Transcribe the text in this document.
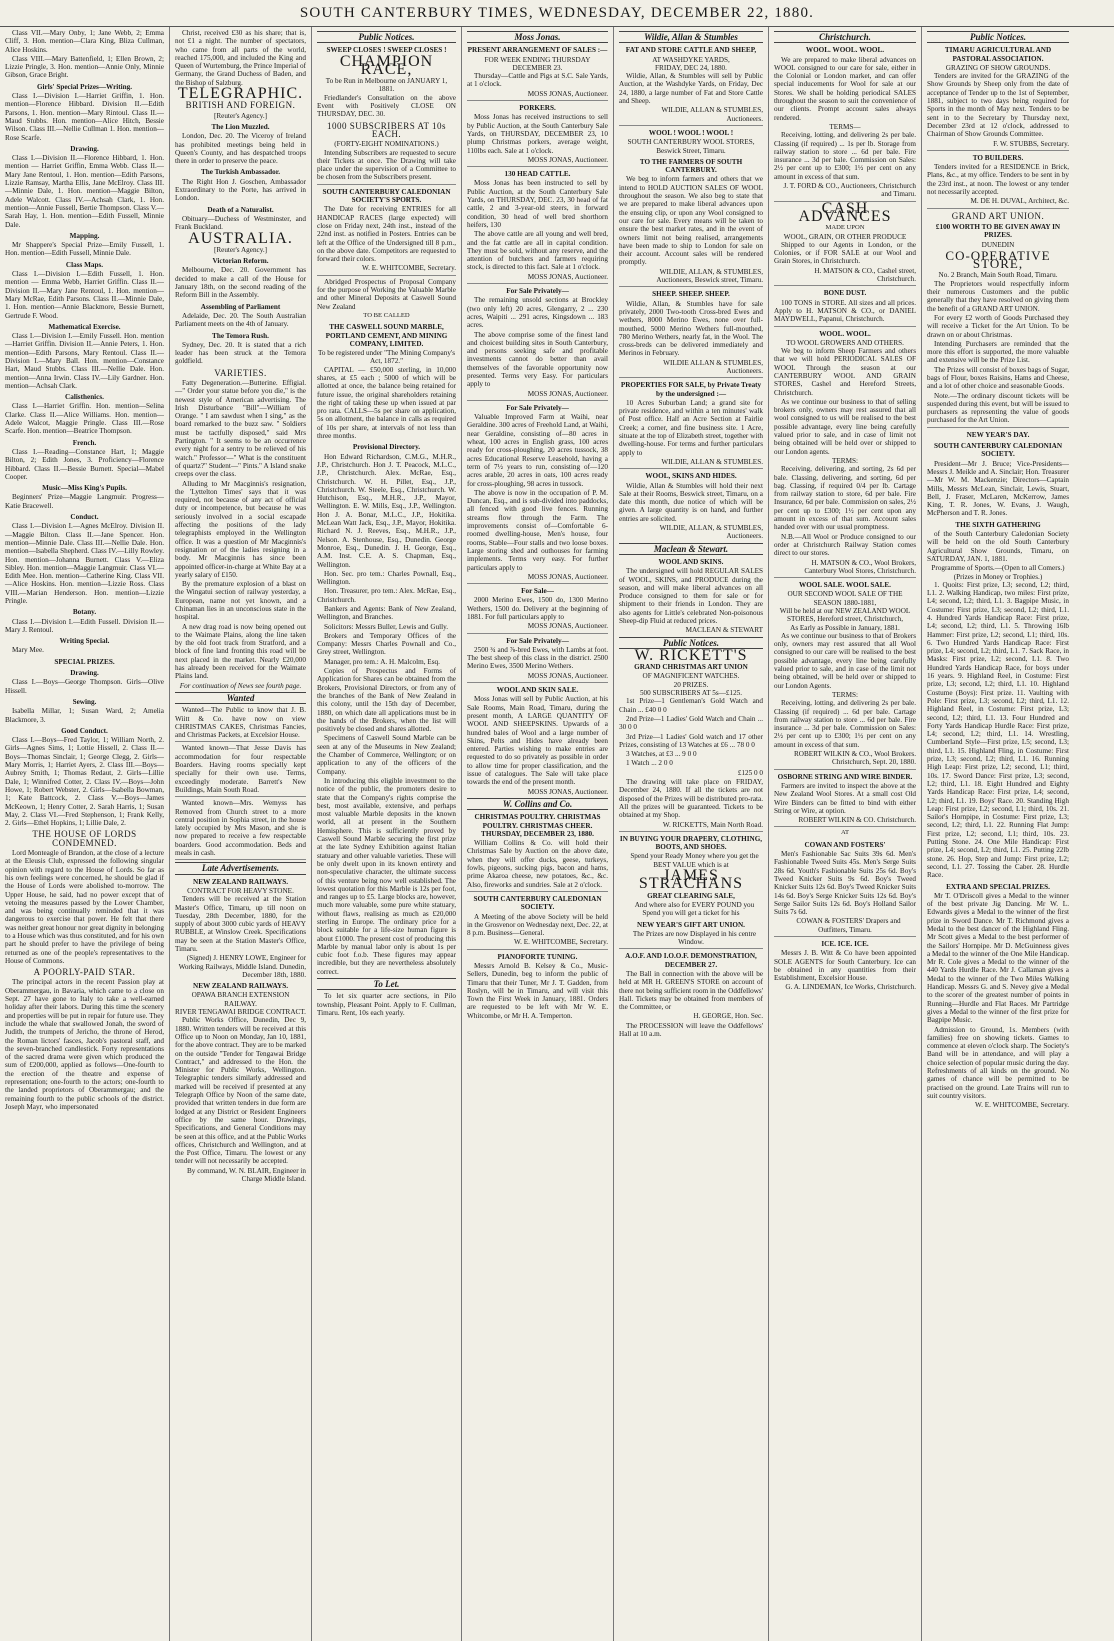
SOUTH CANTERBURY TIMES, WEDNESDAY, DECEMBER 22, 1880.

Class VII.—Mary Onby, 1; Jane Webb, 2; Emma Cliff, 3. Hon. mention—Clara King, Bliza Cullman, Alice Hoskins.

Class VIII.—Mary Battenfield, 1; Ellen Brown, 2; Lizzie Pringle, 3. Hon. mention—Annie Only, Minnie Gibson, Grace Bright.

Girls' Special Prizes—Writing.

Class I.—Division I.—Harriet Griffin, 1. Hon. mention—Florence Hibbard. Division II.—Edith Parsons, 1. Hon. mention—Mary Rintoul. Class II.—Maud Stubbs. Hon. mention—Alice Hitch, Bessie Wilson. Class III.—Nellie Cullman 1. Hon. mention—Rose Scarfe.

Drawing.

Class I.—Division II.—Florence Hibbard, 1. Hon. mention — Harriet Griffin, Emma Webb. Class II.—Mary Jane Rentoul, 1. Hon. mention—Edith Parsons, Lizzie Ramsay, Martha Ellis, Jane McElroy. Class III.—Minnie Dale, 1. Hon. mention—Maggie Bilton, Adele Walcott. Class IV.—Achsah Clark, 1. Hon. mention—Annie Fussell, Bertie Thompson. Class V.—Sarah Hay, 1. Hon. mention—Edith Fussell, Minnie Dale.

Mapping.

Mr Shappere's Special Prize—Emily Fussell, 1. Hon. mention—Edith Fussell, Minnie Dale.

Class Maps.

Class I.—Division I.—Edith Fussell, 1. Hon. mention — Emma Webb, Harriet Griffin. Class II.—Division II.—Mary Jane Rentoul, 1. Hon. mention—Mary McRae, Edith Parsons. Class II.—Minnie Dale, 1. Hon. mention—Annie Blackmore, Bessie Burnett, Gertrude F. Wood.

Mathematical Exercise.

Class I.—Division I.—Emily Fussell. Hon. mention—Harriet Griffin. Division II.—Annie Peters, 1. Hon. mention—Edith Parsons, Mary Rentoul. Class II.—Division I.—Mary Ball. Hon. mention—Constance Hart, Maud Stubbs. Class III.—Nellie Dale. Hon. mention—Anna Irwin. Class IV.—Lily Gardner. Hon. mention—Achsah Clark.

Calisthenics.

Class I.—Harriet Griffin. Hon. mention—Selina Clarke. Class II.—Alice Williams. Hon. mention—Adele Walcot, Maggie Pringle. Class III.—Rose Scarfe. Hon. mention—Beatrice Thompson.

French.

Class I.—Reading—Constance Hart, 1; Maggie Bilton, 2; Edith Jones, 3. Proficiency—Florence Hibbard. Class II.—Bessie Burnett. Special—Mabel Cooper.

Music—Miss King's Pupils.

Beginners' Prize—Maggie Langmuir. Progress—Katie Bracewell.

Conduct.

Class I.—Division I.—Agnes McElroy. Division II.—Maggie Bilton. Class II.—Jane Spencer. Hon. mention—Minnie Dale. Class III.—Nellie Dale. Hon. mention—Isabella Shepherd. Class IV.—Lilly Rowley. Hon. mention—Johanna Burnett. Class V.—Eliza Sibley. Hon. mention—Maggie Langmuir. Class VI.—Edith Mee. Hon. mention—Catherine King. Class VII.—Alice Hoskins. Hon. mention—Lizzie Ross. Class VIII.—Marian Henderson. Hon. mention—Lizzie Pringle.

Botany.

Class I.—Division I.—Edith Fussell. Division II.—Mary J. Rentoul.

Writing Special.

Mary Mee.

SPECIAL PRIZES.
Drawing.

Class I.—Boys—George Thompson. Girls—Olive Hissell.

Sewing.

Isabella Millar, 1; Susan Ward, 2; Amelia Blackmore, 3.

Good Conduct.

Class I.—Boys—Fred Taylor, 1; William North, 2. Girls—Agnes Sims, 1; Lottie Hissell, 2. Class II.—Boys—Thomas Sinclair, 1; George Clegg, 2. Girls—Mary Morris, 1; Harriet Ayers, 2. Class III.—Boys—Aubrey Smith, 1; Thomas Redaut, 2. Girls—Lillie Dale, 1; Winnifred Cotter, 2. Class IV.—Boys—John Howe, 1; Robert Webster, 2. Girls—Isabella Bowman, 1; Kate Battcock, 2. Class V.—Boys—James McKeown, 1; Henry Cotter, 2. Sarah Harris, 1; Susan May, 2. Class VI.—Fred Stephenson, 1; Frank Kelly, 2. Girls—Ethel Hopkins, 1; Lillie Dale, 2.

THE HOUSE OF LORDS CONDEMNED.

Lord Monteagle of Brandon, at the close of a lecture at the Eleusis Club, expressed the following singular opinion with regard to the House of Lords. So far as his own feelings were concerned, he should be glad if the House of Lords were abolished to-morrow. The Upper House, he said, had no power except that of vetoing the measures passed by the Lower Chamber, and was being continually reminded that it was dangerous to exercise that power. He felt that there was neither great honour nor great dignity in belonging to a House which was thus constituted, and for his own part he should prefer to have the privilege of being returned as one of the people's representatives to the House of Commons.

A POORLY-PAID STAR.

The principal actors in the recent Passion play at Oberammergau, in Bavaria, which came to a close on Sept. 27 have gone to Italy to take a well-earned holiday after their labors. During this time the scenery and properties will be put in repair for future use. They include the whale that swallowed Jonah, the sword of Judith, the trumpets of Jericho, the throne of Herod, the Roman lictors' fasces, Jacob's pastoral staff, and the seven-branched candlestick. Forty representations of the sacred drama were given which produced the sum of £200,000, applied as follows—One-fourth to the erection of the theatre and expense of representation; one-fourth to the actors; one-fourth to the landed proprietors of Oberammergau; and the remaining fourth to the public schools of the district. Joseph Mayr, who impersonated

Christ, received £30 as his share; that is, not £1 a night. The number of spectators, who came from all parts of the world, reached 175,000, and included the King and Queen of Wurtemburg, the Prince Imperial of Germany, the Grand Duchess of Baden, and the Bishop of Salzburg.

TELEGRAPHIC.
BRITISH AND FOREIGN.
[Reuter's Agency.]
The Lion Muzzled.

London, Dec. 20. The Viceroy of Ireland has prohibited meetings being held in Queen's County, and has despatched troops there in order to preserve the peace.

The Turkish Ambassador.

The Right Hon J. Goschen, Ambassador Extraordinary to the Porte, has arrived in London.

Death of a Naturalist.

Obituary—Duchess of Westminster, and Frank Buckland.

AUSTRALIA.
[Reuter's Agency.]
Victorian Reform.

Melbourne, Dec. 20. Government has decided to make a call of the House for January 18th, on the second reading of the Reform Bill in the Assembly.

Assembling of Parliament

Adelaide, Dec. 20. The South Australian Parliament meets on the 4th of January.

The Temora Rush.

Sydney, Dec. 20. It is stated that a rich leader has been struck at the Temora goldfield.

VARIETIES.

Fatty Degeneration.—Butterine. Effigial.—" Order your statue before you die," is the newest style of American advertising. The Irish Disturbance "Bill"—William of Orange. " I am sawdust when I sing," as the board remarked to the buzz saw. " Soldiers must be tactfully disposed," said Mrs Partington. " It seems to be an occurrence every night for a sentry to be relieved of his watch." Professor—" What is the constituent of quartz?" Student—" Pints." A Island snake creeps over the class.

Alluding to Mr Macginnis's resignation, the 'Lyttelton Times' says that it was required, not because of any act of official duty or incompetence, but because he was seriously involved in a social escapade affecting the positions of the lady telegraphists employed in the Wellington office. It was a question of Mr Macginnis's resignation or of the ladies resigning in a body. Mr Macginnis has since been appointed officer-in-charge at White Bay at a yearly salary of £150.

By the premature explosion of a blast on the Wingatui section of railway yesterday, a European, name not yet known, and a Chinaman lies in an unconscious state in the hospital.

A new drag road is now being opened out to the Waimate Plains, along the line taken by the old foot track from Stratford, and a block of fine land fronting this road will be next placed in the market. Nearly £20,000 has already been received for the Waimate Plains land.

For continuation of News see fourth page.
Wanted

Wanted—The Public to know that J. B. Wiitt & Co. have now on view CHRISTMAS CAKES, Christmas Fancies, and Christmas Packets, at Excelsior House.

Wanted known—That Jesse Davis has accommodation for four respectable Boarders. Having rooms specially kept specially for their own use. Terms, exceedingly moderate. Barrett's New Buildings, Main South Road.

Wanted known—Mrs. Wemyss has Removed from Church street to a more central position in Sophia street, in the house lately occupied by Mrs Mason, and she is now prepared to receive a few respectable boarders. Good accommodation. Beds and meals in cash.

Late Advertisements.
NEW ZEALAND RAILWAYS.
CONTRACT FOR HEAVY STONE.

Tenders will be received at the Station Master's Office, Timaru, up till noon on Tuesday, 28th December, 1880, for the supply of about 3000 cubic yards of HEAVY RUBBLE, at Winslow Creek. Specifications may be seen at the Station Master's Office, Timaru.

(Signed) J. HENRY LOWE, Engineer for Working Railways, Middle Island. Dunedin, December 18th, 1880.

NEW ZEALAND RAILWAYS.
OPAWA BRANCH EXTENSION RAILWAY.
RIVER TENGAWAI BRIDGE CONTRACT.

Public Works Office, Dunedin, Dec 9, 1880. Written tenders will be received at this Office up to Noon on Monday, Jan 10, 1881, for the above contract. They are to be marked on the outside "Tender for Tengawai Bridge Contract," and addressed to the Hon. the Minister for Public Works, Wellington. Telegraphic tenders similarly addressed and marked will be received if presented at any Telegraph Office by Noon of the same date, provided that written tenders in due form are lodged at any District or Resident Engineers office by the same hour. Drawings, Specifications, and General Conditions may be seen at this office, and at the Public Works offices, Christchurch and Wellington, and at the Post Office, Timaru. The lowest or any tender will not necessarily be accepted.

By command, W. N. BLAIR, Engineer in Charge Middle Island.

Public Notices.
SWEEP CLOSES ! SWEEP CLOSES !
CHAMPION RACE,
To be Run in Melbourne on JANUARY 1, 1881.

Friedlander's Consultation on the above Event with Positively CLOSE ON THURSDAY, DEC. 30.

1000 SUBSCRIBERS AT 10s EACH.
(FORTY-EIGHT NOMINATIONS.)

Intending Subscribers are requested to secure their Tickets at once. The Drawing will take place under the supervision of a Committee to be chosen from the Subscribers present.

SOUTH CANTERBURY CALEDONIAN SOCIETY'S SPORTS.

The Date for receiving ENTRIES for all HANDICAP RACES (large expected) will close on Friday next, 24th inst., instead of the 22nd inst. as notified in Posters. Entries can be left at the Office of the Undersigned till 8 p.m., on the above date. Competitors are requested to forward their colors.

W. E. WHITCOMBE, Secretary.

Abridged Prospectus of Proposal Company for the purpose of Working the Valuable Marble and other Mineral Deposits at Caswell Sound New Zealand

TO BE CALLED
THE CASWELL SOUND MARBLE, PORTLAND CEMENT, AND MINING COMPANY, LIMITED.
To be registered under "The Mining Company's Act, 1872."

CAPITAL — £50,000 sterling, in 10,000 shares, at £5 each ; 5000 of which will be allotted at once, the balance being retained for future issue, the original shareholders retaining the right of taking these up when issued at par pro rata. CALLS—5s per share on application, 5s on allotment, the balance in calls as required of 10s per share, at intervals of not less than three months.

Provisional Directory.

Hon Edward Richardson, C.M.G., M.H.R., J.P., Christchurch. Hon J. T. Peacock, M.L.C., J.P., Christchurch. Alex. McRae, Esq., Christchurch. W. H. Pillet, Esq., J.P., Christchurch. W. Steele, Esq., Christchurch. W. Hutchison, Esq., M.H.R., J.P., Mayor, Wellington. E. W. Mills, Esq., J.P., Wellington. Hon J. A. Bonar, M.L.C., J.P., Hokitika. McLean Watt Jack, Esq., J.P., Mayor, Hokitika. Richard N. J. Reeves, Esq., M.H.R., J.P., Nelson. A. Stenhouse, Esq., Dunedin. George Monroe, Esq., Dunedin. J. H. George, Esq., A.M. Inst. C.E. A. S. Chapman, Esq., Wellington.

Hon. Sec. pro tem.: Charles Pownall, Esq., Wellington.

Hon. Treasurer, pro tem.: Alex. McRae, Esq., Christchurch.

Bankers and Agents: Bank of New Zealand, Wellington, and Branches.

Solicitors: Messrs Buller, Lewis and Gully.

Brokers and Temporary Offices of the Company: Messrs Charles Pownall and Co., Grey street, Wellington.

Manager, pro tem.: A. H. Malcolm, Esq.

Copies of Prospectus and Forms of Application for Shares can be obtained from the Brokers, Provisional Directors, or from any of the branches of the Bank of New Zealand in this colony, until the 15th day of December, 1880, on which date all applications must be in the hands of the Brokers, when the list will positively be closed and shares allotted.

Specimens of Caswell Sound Marble can be seen at any of the Museums in New Zealand; the Chamber of Commerce, Wellington; or on application to any of the officers of the Company.

In introducing this eligible investment to the notice of the public, the promoters desire to state that the Company's rights comprise the best, most available, extensive, and perhaps most valuable Marble deposits in the known world, all at present in the Southern Hemisphere. This is sufficiently proved by Caswell Sound Marble securing the first prize at the late Sydney Exhibition against Italian statuary and other valuable varieties. These will be only dwelt upon in its known entirety and non-speculative character, the ultimate success of this venture being now well established. The lowest quotation for this Marble is 12s per foot, and ranges up to £5. Large blocks are, however, much more valuable, some pure white statuary, without flaws, realising as much as £20,000 sterling in Europe. The ordinary price for a block suitable for a life-size human figure is about £1000. The present cost of producing this Marble by manual labor only is about 1s per cubic foot f.o.b. These figures may appear incredible, but they are nevertheless absolutely correct.

To Let.

To let six quarter acre sections, in Pilo township, Pleasant Point. Apply to F. Cullman, Timaru. Rent, 10s each yearly.

Moss Jonas.
PRESENT ARRANGEMENT OF SALES :—
FOR WEEK ENDING THURSDAY DECEMBER 23.

Thursday—Cattle and Pigs at S.C. Sale Yards, at 1 o'clock.

MOSS JONAS, Auctioneer.

PORKERS.

Moss Jonas has received instructions to sell by Public Auction, at the South Canterbury Sale Yards, on THURSDAY, DECEMBER 23, 10 plump Christmas porkers, average weight, 110lbs each. Sale at 1 o'clock.

MOSS JONAS, Auctioneer.

130 HEAD CATTLE.

Moss Jonas has been instructed to sell by Public Auction, at the South Canterbury Sale Yards, on THURSDAY, DEC. 23, 30 head of fat cattle, 2 and 3-year-old steers, in forward condition, 30 head of well bred shorthorn heifers, 130

The above cattle are all young and well bred, and the fat cattle are all in capital condition. They must be sold, without any reserve, and the attention of butchers and farmers requiring stock, is directed to this fact. Sale at 1 o'clock.

MOSS JONAS, Auctioneer.

For Sale Privately—

The remaining unsold sections at Brockley (two only left) 20 acres, Glengarry, 2 ... 230 acres, Waipiti ... 291 acres, Kingsdown ... 183 acres.

The above comprise some of the finest land and choicest building sites in South Canterbury, and persons seeking safe and profitable investments cannot do better than avail themselves of the favorable opportunity now presented. Terms very Easy. For particulars apply to

MOSS JONAS, Auctioneer.

For Sale Privately—

Valuable Improved Farm at Waihi, near Geraldine. 300 acres of Freehold Land, at Waihi, near Geraldine, consisting of—80 acres in wheat, 100 acres in English grass, 100 acres ready for cross-ploughing, 20 acres tussock, 38 acres Educational Reserve Leasehold, having a term of 7½ years to run, consisting of—120 acres arable, 20 acres in oats, 100 acres ready for cross-ploughing, 98 acres in tussock.

The above is now in the occupation of P. M. Duncan, Esq., and is sub-divided into paddocks, all fenced with good live fences. Running streams flow through the Farm. The improvements consist of—Comfortable 6-roomed dwelling-house, Men's house, four rooms, Stable—Four stalls and two loose boxes. Large storing shed and outhouses for farming implements. Terms very easy. For further particulars apply to

MOSS JONAS, Auctioneer.

For Sale—

2000 Merino Ewes, 1500 do, 1300 Merino Wethers, 1500 do. Delivery at the beginning of 1881. For full particulars apply to

MOSS JONAS, Auctioneer.

For Sale Privately—

2500 ¾ and ⅞-bred Ewes, with Lambs at foot. The best sheep of this class in the district. 2500 Merino Ewes, 3500 Merino Wethers.

MOSS JONAS, Auctioneer.

WOOL AND SKIN SALE.

Moss Jonas will sell by Public Auction, at his Sale Rooms, Main Road, Timaru, during the present month, A LARGE QUANTITY OF WOOL AND SHEEPSKINS. Upwards of a hundred bales of Wool and a large number of Skins, Pelts and Hides have already been entered. Parties wishing to make entries are requested to do so privately as possible in order to allow time for proper classification, and the issue of catalogues. The Sale will take place towards the end of the present month.

MOSS JONAS, Auctioneer.

W. Collins and Co.
CHRISTMAS POULTRY. CHRISTMAS POULTRY. CHRISTMAS CHEER. THURSDAY, DECEMBER 23, 1880.

William Collins & Co. will hold their Christmas Sale by Auction on the above date, when they will offer ducks, geese, turkeys, fowls, pigeons, sucking pigs, bacon and hams, prime Akaroa cheese, new potatoes, &c., &c. Also, fireworks and sundries. Sale at 2 o'clock.

SOUTH CANTERBURY CALEDONIAN SOCIETY.

A Meeting of the above Society will be held in the Grosvenor on Wednesday next, Dec. 22, at 8 p.m. Business—General.

W. E. WHITCOMBE, Secretary.

PIANOFORTE TUNING.

Messrs Arnold B. Kelsey & Co., Music-Sellers, Dunedin, beg to inform the public of Timaru that their Tuner, Mr J. T. Gadden, from Roslyn, will be in Timaru, and will visit this Town the First Week in January, 1881. Orders are requested to be left with Mr W. E. Whitcombe, or Mr H. A. Temperton.

Wildie, Allan & Stumbles
FAT AND STORE CATTLE AND SHEEP,
AT WASHDYKE YARDS,
FRIDAY, DEC 24, 1880.

Wildie, Allan, & Stumbles will sell by Public Auction, at the Washdyke Yards, on Friday, Dec 24, 1880, a large number of Fat and Store Cattle and Sheep.

WILDIE, ALLAN & STUMBLES, Auctioneers.

WOOL ! WOOL ! WOOL !
SOUTH CANTERBURY WOOL STORES, Beswick Street, Timaru.
TO THE FARMERS OF SOUTH CANTERBURY.

We beg to inform farmers and others that we intend to HOLD AUCTION SALES OF WOOL throughout the season. We also beg to state that we are prepared to make liberal advances upon the ensuing clip, or upon any Wool consigned to our care for sale. Every means will be taken to ensure the best market rates, and in the event of owners limit not being realised, arrangements have been made to ship to London for sale on their account. Account sales will be rendered promptly.

WILDIE, ALLAN, & STUMBLES, Auctioneers, Beswick street, Timaru.

SHEEP. SHEEP. SHEEP.

Wildie, Allan, & Stumbles have for sale privately, 2000 Two-tooth Cross-bred Ewes and wethers, 8000 Merino Ewes, none over full-mouthed, 5000 Merino Wethers full-mouthed, 780 Merino Wethers, nearly fat, in the Wool. The cross-breds can be delivered immediately and Merinos in February.

WILDIE ALLAN & STUMBLES, Auctioneers.

PROPERTIES FOR SALE, by Private Treaty by the undersigned :—

10 Acres Suburban Land; a grand site for private residence, and within a ten minutes' walk of Post office. Half an Acre Section at Fairlie Creek; a corner, and fine business site. 1 Acre, situate at the top of Elizabeth street, together with dwelling-house. For terms and further particulars apply to

WILDIE, ALLAN & STUMBLES.

WOOL, SKINS AND HIDES.

Wildie, Allan & Stumbles will hold their next Sale at their Rooms, Beswick street, Timaru, on a date this month, due notice of which will be given. A large quantity is on hand, and further entries are solicited.

WILDIE, ALLAN, & STUMBLES, Auctioneers.

Maclean & Stewart.
WOOL AND SKINS.

The undersigned will hold REGULAR SALES of WOOL, SKINS, and PRODUCE during the season, and will make liberal advances on all Produce consigned to them for sale or for shipment to their friends in London. They are also agents for Little's celebrated Non-poisonous Sheep-dip Fluid at reduced prices.

MACLEAN & STEWART

Public Notices.
W. RICKETT'S
GRAND CHRISTMAS ART UNION
OF MAGNIFICENT WATCHES.
20 PRIZES.
500 SUBSCRIBERS AT 5s—£125.

1st Prize—1 Gentleman's Gold Watch and Chain ... £40 0 0

2nd Prize—1 Ladies' Gold Watch and Chain ... 30 0 0

3rd Prize—1 Ladies' Gold watch and 17 other Prizes, consisting of 13 Watches at £6 ... 78 0 0

3 Watches, at £3 ... 9 0 0

1 Watch ... 2 0 0

£125 0 0

The drawing will take place on FRIDAY, December 24, 1880. If all the tickets are not disposed of the Prizes will be distributed pro-rata. All the prizes will be guaranteed. Tickets to be obtained at my Shop.

W. RICKETTS, Main North Road.

IN BUYING YOUR DRAPERY, CLOTHING, BOOTS, AND SHOES.

Spend your Ready Money where you get the BEST VALUE which is at

JAMES STRACHANS
GREAT CLEARING SALE,

And where also for EVERY POUND you Spend you will get a ticket for his

NEW YEAR'S GIFT ART UNION.

The Prizes are now Displayed in his centre Window.

A.O.F. AND I.O.O.F. DEMONSTRATION, DECEMBER 27.

The Ball in connection with the above will be held at MR H. GREEN'S STORE on account of there not being sufficient room in the Oddfellows' Hall. Tickets may be obtained from members of the Committee, or

H. GEORGE, Hon. Sec.

The PROCESSION will leave the Oddfellows' Hall at 10 a.m.

Christchurch.
WOOL. WOOL. WOOL.

We are prepared to make liberal advances on WOOL consigned to our care for sale, either in the Colonial or London market, and can offer special inducements for Wool for sale at our Stores. We shall be holding periodical SALES throughout the season to suit the convenience of our clients. Prompt account sales always rendered.

TERMS—

Receiving, lotting, and delivering 2s per bale. Classing (if required) ... 1s per lb. Storage from railway station to store ... 6d per bale. Fire insurance ... 3d per bale. Commission on Sales: 2½ per cent up to £300; 1½ per cent on any amount in excess of that sum.

J. T. FORD & CO., Auctioneers, Christchurch and Timaru.

CASH ADVANCES
MADE UPON
WOOL, GRAIN, OR OTHER PRODUCE

Shipped to our Agents in London, or the Colonies, or if FOR SALE at our Wool and Grain Stores, in Christchurch.

H. MATSON & CO., Cashel street, Christchurch.

BONE DUST.

100 TONS in STORE. All sizes and all prices. Apply to H. MATSON & CO., or DANIEL MAYDWELL, Papanui, Christchurch.

WOOL. WOOL.
TO WOOL GROWERS AND OTHERS.

We beg to inform Sheep Farmers and others that we will hold PERIODICAL SALES OF WOOL Through the season at our CANTERBURY WOOL AND GRAIN STORES, Cashel and Hereford Streets, Christchurch.

As we continue our business to that of selling brokers only, owners may rest assured that all wool consigned to us will be realised to the best possible advantage, every line being carefully valued prior to sale, and in case of limit not being obtained will be held over or shipped to our London agents.

TERMS:

Receiving, delivering, and sorting, 2s 6d per bale. Classing, delivering, and sorting, 6d per bag. Classing, if required 0/4 per lb. Cartage from railway station to store, 6d per bale. Fire Insurance, 6d per bale. Commission on sales, 2½ per cent up to £300; 1½ per cent upon any amount in excess of that sum. Account sales handed over with our usual promptness.

N.B.—All Wool or Produce consigned to our order at Christchurch Railway Station comes direct to our stores.

H. MATSON & CO., Wool Brokers, Canterbury Wool Stores, Christchurch.

WOOL SALE. WOOL SALE.
OUR SECOND WOOL SALE OF THE SEASON 1880-1881,
Will be held at our NEW ZEALAND WOOL STORES, Hereford street, Christchurch,
As Early as Possible in January, 1881.

As we continue our business to that of Brokers only, owners may rest assured that all Wool consigned to our care will be realised to the best possible advantage, every line being carefully valued prior to sale, and in case of the limit not being obtained, will be held over or shipped to our London Agents.

TERMS:

Receiving, lotting, and delivering 2s per bale. Classing (if required) ... 6d per bale. Cartage from railway station to store ... 6d per bale. Fire insurance ... 3d per bale. Commission on Sales: 2½ per cent up to £300; 1½ per cent on any amount in excess of that sum.

ROBERT WILKIN & CO., Wool Brokers. Christchurch, Sept. 20, 1880.

OSBORNE STRING AND WIRE BINDER.

Farmers are invited to inspect the above at the New Zealand Wool Stores. At a small cost Old Wire Binders can be fitted to bind with either String or Wire, at option.

ROBERT WILKIN & CO. Christchurch.

AT
COWAN AND FOSTERS'

Men's Fashionable Sac Suits 39s 6d. Men's Fashionable Tweed Suits 45s. Men's Serge Suits 28s 6d. Youth's Fashionable Suits 25s 6d. Boy's Tweed Knicker Suits 9s 6d. Boy's Tweed Knicker Suits 12s 6d. Boy's Tweed Knicker Suits 14s 6d. Boy's Serge Knicker Suits 12s 6d. Boy's Serge Sailor Suits 12s 6d. Boy's Holland Sailor Suits 7s 6d.

COWAN & FOSTERS' Drapers and Outfitters, Timaru.

ICE. ICE. ICE.

Messrs J. B. Witt & Co have been appointed SOLE AGENTS for South Canterbury. Ice can be obtained in any quantities from their Establishment, Excelsior House.

G. A. LINDEMAN, Ice Works, Christchurch.

Public Notices.
TIMARU AGRICULTURAL AND PASTORAL ASSOCIATION.
GRAZING OF SHOW GROUNDS.

Tenders are invited for the GRAZING of the Show Grounds by Sheep only from the date of acceptance of Tender up to the 1st of September, 1881, subject to two days being required for Sports in the month of May next. Tenders to be sent in to the Secretary by Thursday next, December 23rd at 12 o'clock, addressed to Chairman of Show Grounds Committee.

F. W. STUBBS, Secretary.

TO BUILDERS.

Tenders invited for a RESIDENCE in Brick, Plans, &c., at my office. Tenders to be sent in by the 23rd inst., at noon. The lowest or any tender not necessarily accepted.

M. DE H. DUVAL, Architect, &c.

GRAND ART UNION.
£100 WORTH TO BE GIVEN AWAY IN PRIZES.
DUNEDIN
CO-OPERATIVE STORE,
No. 2 Branch, Main South Road, Timaru.

The Proprietors would respectfully inform their numerous Customers and the public generally that they have resolved on giving them the benefit of a GRAND ART UNION.

For every £2 worth of Goods Purchased they will receive a Ticket for the Art Union. To be drawn on or about Christmas.

Intending Purchasers are reminded that the more this effort is supported, the more valuable and extensive will be the Prize List.

The Prizes will consist of boxes bags of Sugar, bags of Flour, boxes Raisins, Hams and Cheese, and a lot of other choice and seasonable Goods.

Note.—The ordinary discount tickets will be suspended during this event, but will be issued to purchasers as representing the value of goods purchased for the Art Union.

NEW YEAR'S DAY.
SOUTH CANTERBURY CALEDONIAN SOCIETY.

President—Mr J. Bruce; Vice-Presidents—Messrs J. Meikle and A. Sinclair; Hon. Treasurer—Mr W. M. Mackenzie; Directors—Captain Mills, Messrs McLean, Sinclair, Lewis, Stuart, Bell, J. Fraser, McLaren, McKerrow, James King, T. R. Jones, W. Evans, J. Waugh, McPherson and T. R. Jones.

THE SIXTH GATHERING

of the South Canterbury Caledonian Society will be held on the old South Canterbury Agricultural Show Grounds, Timaru, on SATURDAY, JAN. 1, 1881.

Programme of Sports.—(Open to all Comers.)
(Prizes in Money or Trophies.)

1. Quoits: First prize, L3; second, L2; third, L1. 2. Walking Handicap, two miles: First prize, L4; second, L2; third, L1. 3. Bagpipe Music, in Costume: First prize, L3; second, L2; third, L1. 4. Hundred Yards Handicap Race: First prize, L4; second, L2; third, L1. 5. Throwing 16lb Hammer: First prize, L2; second, L1; third, 10s. 6. Two Hundred Yards Handicap Race: First prize, L4; second, L2; third, L1. 7. Sack Race, in Masks: First prize, L2; second, L1. 8. Two Hundred Yards Handicap Race, for boys under 16 years. 9. Highland Reel, in Costume: First prize, L3; second, L2; third, L1. 10. Highland Costume (Boys): First prize. 11. Vaulting with Pole: First prize, L3; second, L2; third, L1. 12. Highland Reel, in Costume: First prize, L3; second, L2; third, L1. 13. Four Hundred and Forty Yards Handicap Hurdle Race: First prize, L4; second, L2; third, L1. 14. Wrestling, Cumberland Style—First prize, L5; second, L3; third, L1. 15. Highland Fling, in Costume: First prize, L3; second, L2; third, L1. 16. Running High Leap: First prize, L2; second, L1; third, 10s. 17. Sword Dance: First prize, L3; second, L2; third, L1. 18. Eight Hundred and Eighty Yards Handicap Race: First prize, L4; second, L2; third, L1. 19. Boys' Race. 20. Standing High Leap: First prize, L2; second, L1; third, 10s. 21. Sailor's Hornpipe, in Costume: First prize, L3; second, L2; third, L1. 22. Running Flat Jump: First prize, L2; second, L1; third, 10s. 23. Putting Stone. 24. One Mile Handicap: First prize, L4; second, L2; third, L1. 25. Putting 22lb stone. 26. Hop, Step and Jump: First prize, L2; second, L1. 27. Tossing the Caber. 28. Hurdle Race.

EXTRA AND SPECIAL PRIZES.

Mr T. O'Driscoll gives a Medal to the winner of the best private Jig Dancing. Mr W. L. Edwards gives a Medal to the winner of the first prize in Sword Dance. Mr T. Richmond gives a Medal to the best dancer of the Highland Fling. Mr Scott gives a Medal to the best performer of the Sailors' Hornpipe. Mr D. McGuinness gives a Medal to the winner of the One Mile Handicap. Mr R. Cole gives a Medal to the winner of the 440 Yards Hurdle Race. Mr J. Callaman gives a Medal to the winner of the Two Miles Walking Handicap. Messrs G. and S. Nevey give a Medal to the scorer of the greatest number of points in Running—Hurdle and Flat Races. Mr Partridge gives a Medal to the winner of the first prize for Bagpipe Music.

Admission to Ground, 1s. Members (with families) free on showing tickets. Games to commence at eleven o'clock sharp. The Society's Band will be in attendance, and will play a choice selection of popular music during the day. Refreshments of all kinds on the ground. No games of chance will be permitted to be practised on the ground. Late Trains will run to suit country visitors.

W. E. WHITCOMBE, Secretary.
